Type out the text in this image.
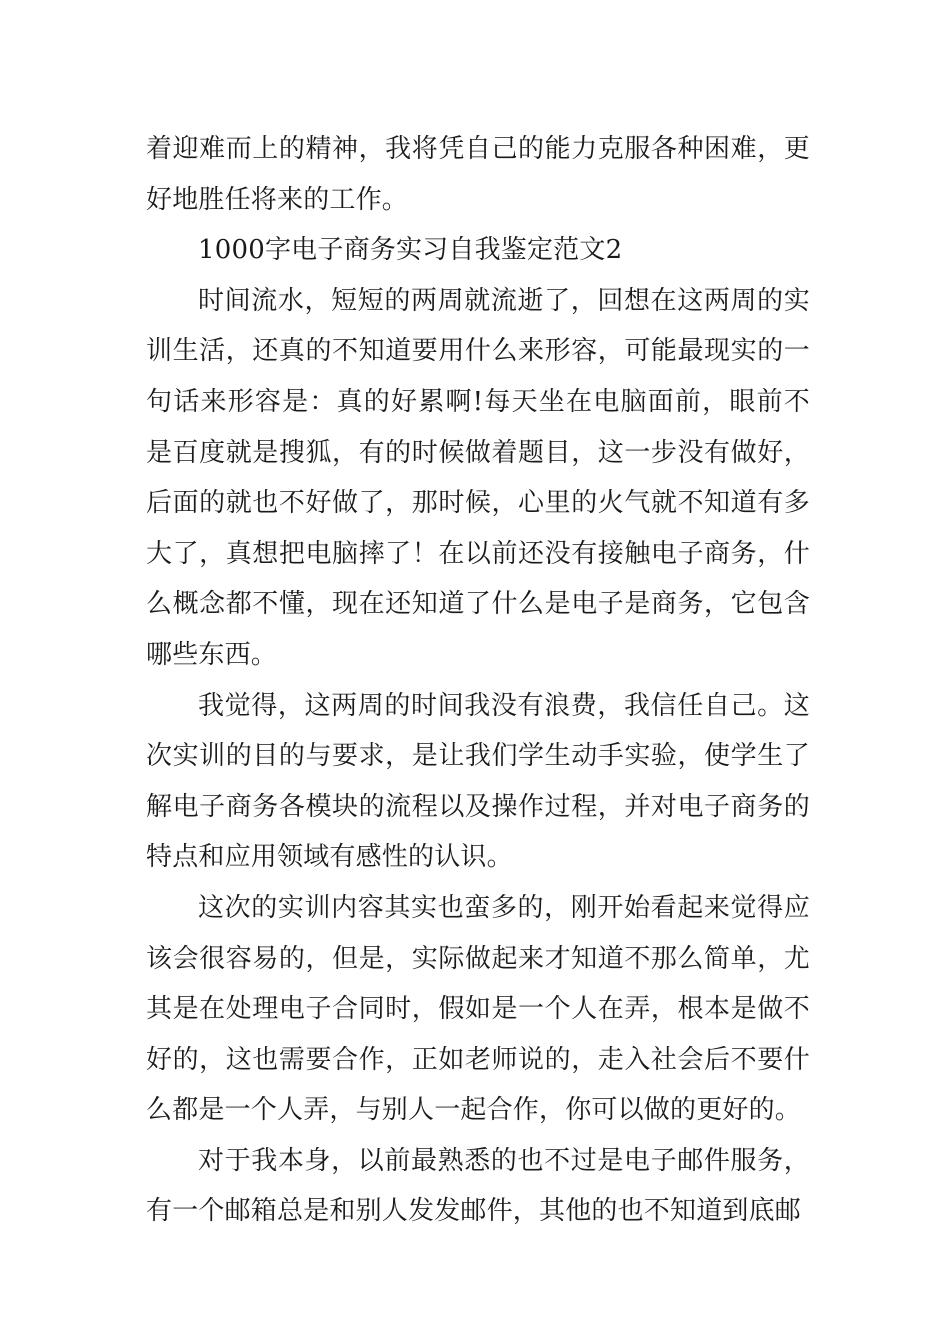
着迎难而上的精神，我将凭自己的能力克服各种困难，更好地胜任将来的工作。

1000字电子商务实习自我鉴定范文2

时间流水，短短的两周就流逝了，回想在这两周的实训生活，还真的不知道要用什么来形容，可能最现实的一句话来形容是：真的好累啊!每天坐在电脑面前，眼前不是百度就是搜狐，有的时候做着题目，这一步没有做好，后面的就也不好做了，那时候，心里的火气就不知道有多大了，真想把电脑摔了！在以前还没有接触电子商务，什么概念都不懂，现在还知道了什么是电子是商务，它包含哪些东西。

我觉得，这两周的时间我没有浪费，我信任自己。这次实训的目的与要求，是让我们学生动手实验，使学生了解电子商务各模块的流程以及操作过程，并对电子商务的特点和应用领域有感性的认识。

这次的实训内容其实也蛮多的，刚开始看起来觉得应该会很容易的，但是，实际做起来才知道不那么简单，尤其是在处理电子合同时，假如是一个人在弄，根本是做不好的，这也需要合作，正如老师说的，走入社会后不要什么都是一个人弄，与别人一起合作，你可以做的更好的。

对于我本身，以前最熟悉的也不过是电子邮件服务，有一个邮箱总是和别人发发邮件，其他的也不知道到底邮
